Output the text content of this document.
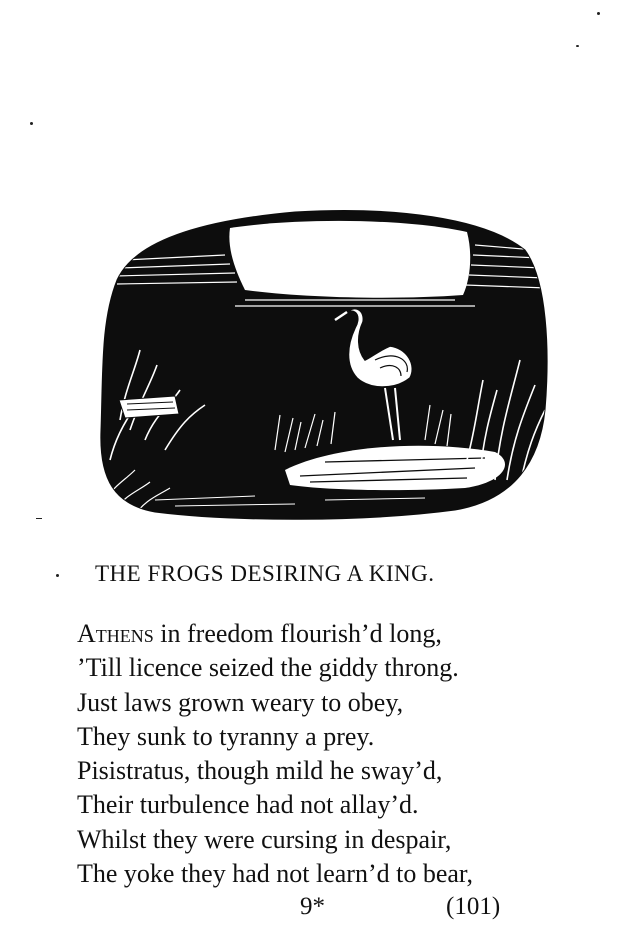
THE FROGS DESIRING A KING.
Athens in freedom flourish’d long,
’Till licence seized the giddy throng.
Just laws grown weary to obey,
They sunk to tyranny a prey.
Pisistratus, though mild he sway’d,
Their turbulence had not allay’d.
Whilst they were cursing in despair,
The yoke they had not learn’d to bear,
9*	(101)
